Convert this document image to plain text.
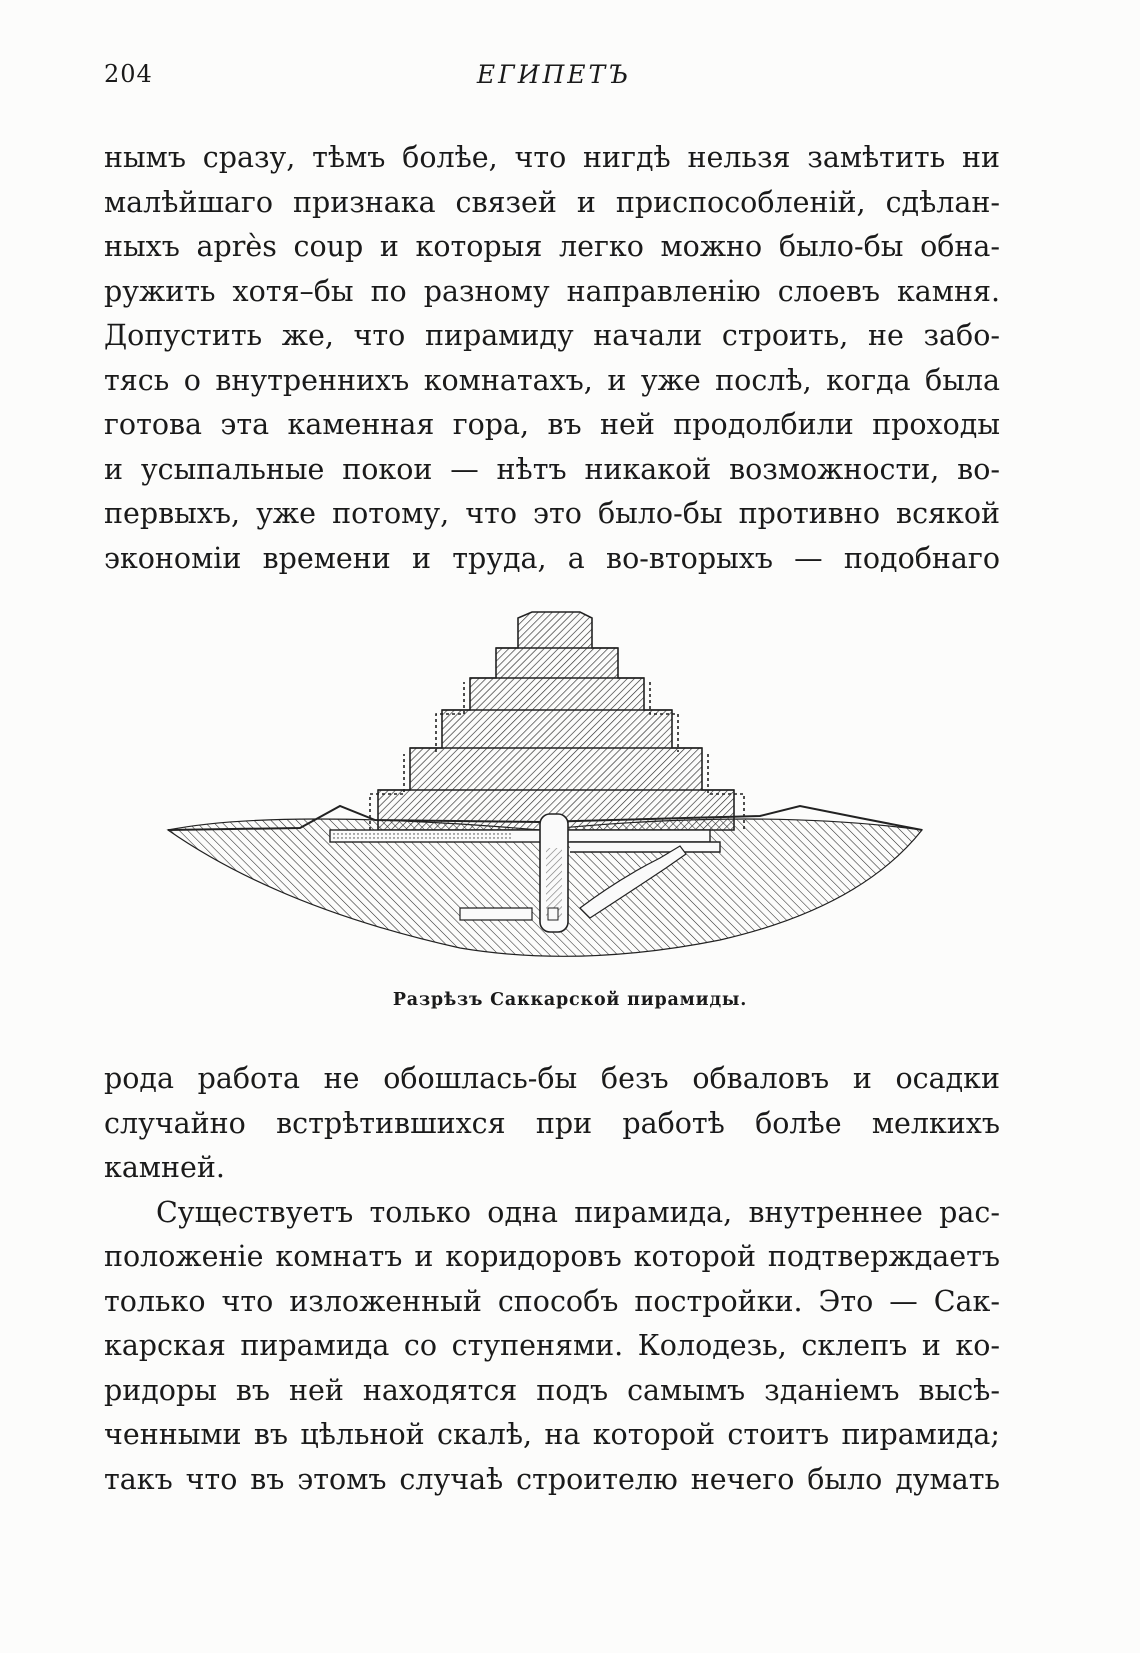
204	ЕГИПЕТЪ
нымъ сразу, тѣмъ болѣе, что нигдѣ нельзя замѣтить ни
малѣйшаго признака связей и приспособленій, сдѣлан-
ныхъ après coup и которыя легко можно было-бы обна-
ружить хотя–бы по разному направленію слоевъ камня.
Допустить же, что пирамиду начали строить, не забо-
тясь о внутреннихъ комнатахъ, и уже послѣ, когда была
готова эта каменная гора, въ ней продолбили проходы
и усыпальные покои — нѣтъ никакой возможности, во-
первыхъ, уже потому, что это было-бы противно всякой
экономіи времени и труда, а во-вторыхъ — подобнаго
Разрѣзъ Саккарской пирамиды.
рода работа не обошлась-бы безъ обваловъ и осадки
случайно встрѣтившихся при работѣ болѣе мелкихъ
камней.
Существуетъ только одна пирамида, внутреннее рас-
положеніе комнатъ и коридоровъ которой подтверждаетъ
только что изложенный способъ постройки. Это — Сак-
карская пирамида со ступенями. Колодезь, склепъ и ко-
ридоры въ ней находятся подъ самымъ зданіемъ высѣ-
ченными въ цѣльной скалѣ, на которой стоитъ пирамида;
такъ что въ этомъ случаѣ строителю нечего было думать
